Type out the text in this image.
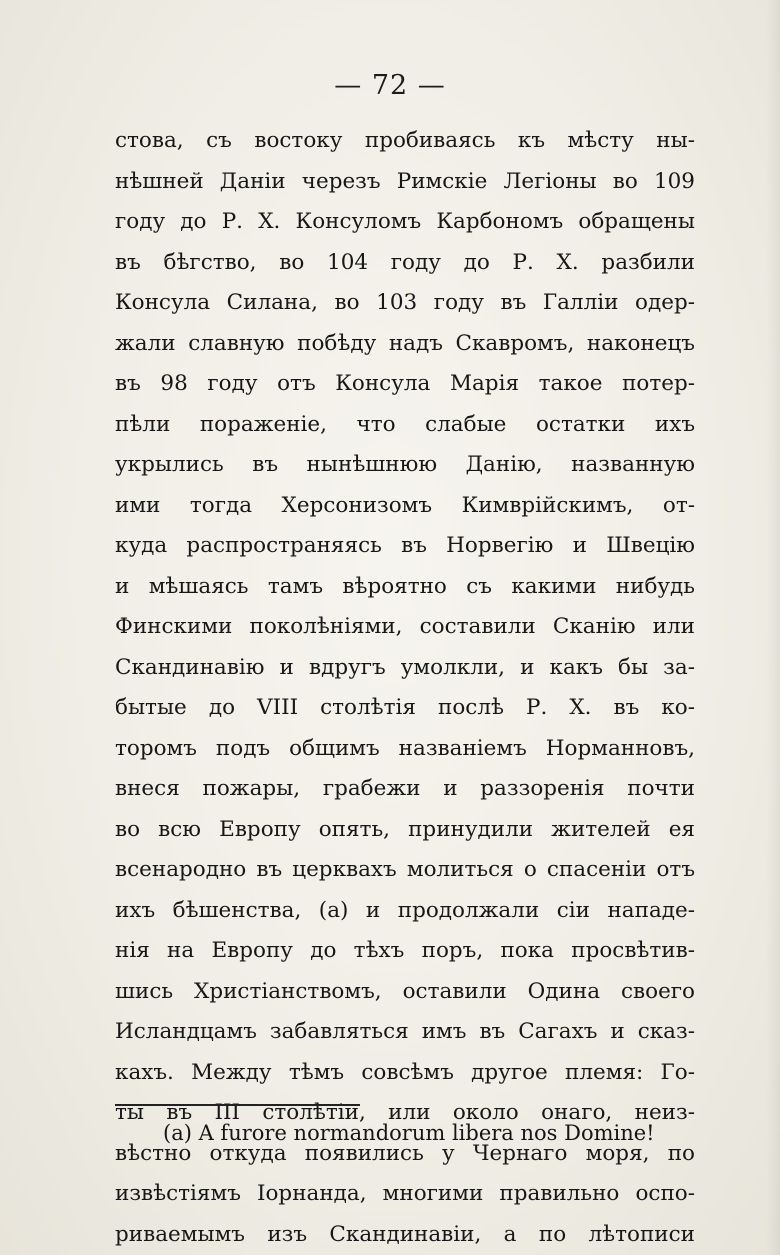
— 72 —
стова, съ востоку пробиваясь къ мѣсту ны-
нѣшней Даніи черезъ Римскіе Легіоны во 109
году до Р. Х. Консуломъ Карбономъ обращены
въ бѣгство, во 104 году до Р. Х. разбили
Консула Силана, во 103 году въ Галліи одер-
жали славную побѣду надъ Скавромъ, наконецъ
въ 98 году отъ Консула Марія такое потер-
пѣли пораженіе, что слабые остатки ихъ
укрылись въ нынѣшнюю Данію, названную
ими тогда Херсонизомъ Кимврійскимъ, от-
куда распространяясь въ Норвегію и Швецію
и мѣшаясь тамъ вѣроятно съ какими нибудь
Финскими поколѣніями, составили Сканію или
Скандинавію и вдругъ умолкли, и какъ бы за-
бытые до VIII столѣтія послѣ Р. Х. въ ко-
торомъ подъ общимъ названіемъ Норманновъ,
внеся пожары, грабежи и раззоренія почти
во всю Европу опять, принудили жителей ея
всенародно въ церквахъ молиться о спасеніи отъ
ихъ бѣшенства, (а) и продолжали сіи нападе-
нія на Европу до тѣхъ поръ, пока просвѣтив-
шись Христіанствомъ, оставили Одина своего
Исландцамъ забавляться имъ въ Сагахъ и сказ-
кахъ. Между тѣмъ совсѣмъ другое племя: Го-
ты въ III столѣтіи, или около онаго, неиз-
вѣстно откуда появились у Чернаго моря, по
извѣстіямъ Іорнанда, многими правильно оспо-
риваемымъ изъ Скандинавіи, а по лѣтописи
(а) A furore normandorum libera nos Domine!
